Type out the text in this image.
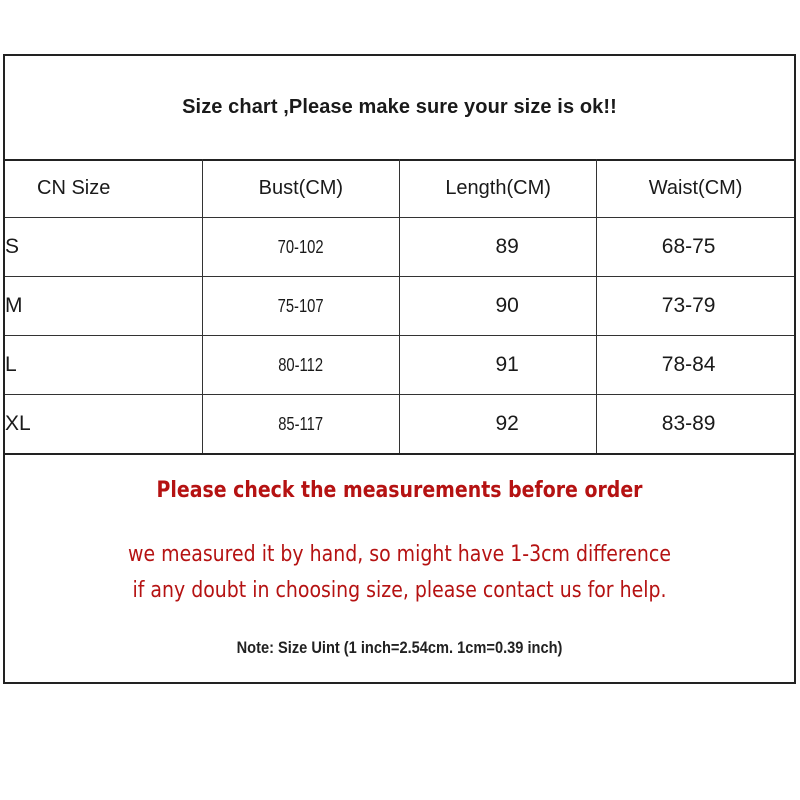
Size chart ,Please make sure your size is ok!!
CN Size	Bust(CM)	Length(CM)	Waist(CM)
S	70-102	89	68-75
M	75-107	90	73-79
L	80-112	91	78-84
XL	85-117	92	83-89
Please check the measurements before order
we measured it by hand, so might have 1-3cm difference
if any doubt in choosing size, please contact us for help.
Note: Size Uint (1 inch=2.54cm. 1cm=0.39 inch)
